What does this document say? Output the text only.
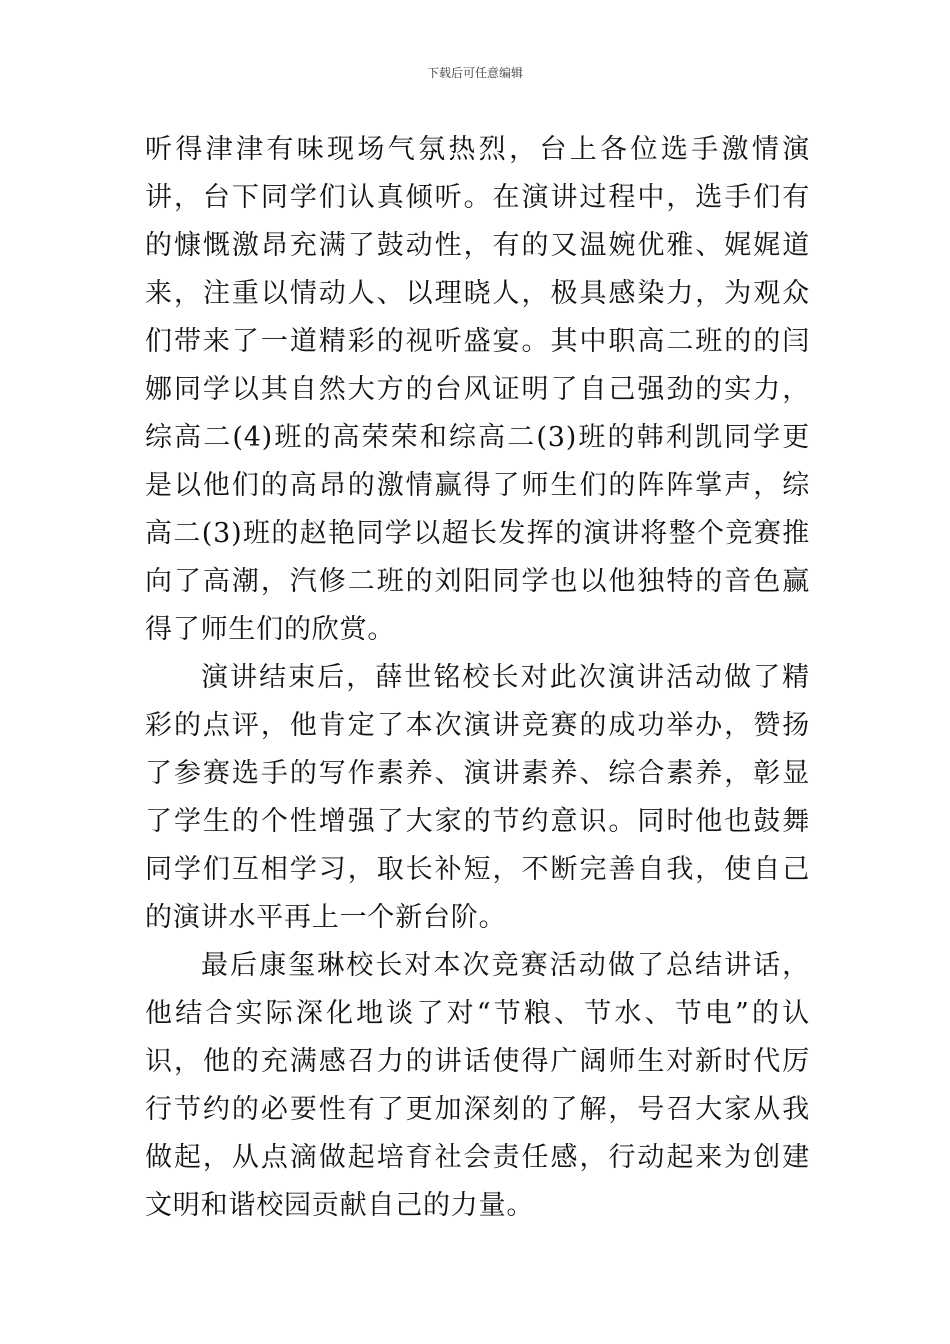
下载后可任意编辑

听得津津有味现场气氛热烈，台上各位选手激情演讲，台下同学们认真倾听。在演讲过程中，选手们有的慷慨激昂充满了鼓动性，有的又温婉优雅、娓娓道来，注重以情动人、以理晓人，极具感染力，为观众们带来了一道精彩的视听盛宴。其中职高二班的的闫娜同学以其自然大方的台风证明了自己强劲的实力，综高二(4)班的高荣荣和综高二(3)班的韩利凯同学更是以他们的高昂的激情赢得了师生们的阵阵掌声，综高二(3)班的赵艳同学以超长发挥的演讲将整个竞赛推向了高潮，汽修二班的刘阳同学也以他独特的音色赢得了师生们的欣赏。

演讲结束后，薛世铭校长对此次演讲活动做了精彩的点评，他肯定了本次演讲竞赛的成功举办，赞扬了参赛选手的写作素养、演讲素养、综合素养，彰显了学生的个性增强了大家的节约意识。同时他也鼓舞同学们互相学习，取长补短，不断完善自我，使自己的演讲水平再上一个新台阶。

最后康玺琳校长对本次竞赛活动做了总结讲话，他结合实际深化地谈了对“节粮、节水、节电”的认识，他的充满感召力的讲话使得广阔师生对新时代厉行节约的必要性有了更加深刻的了解，号召大家从我做起，从点滴做起培育社会责任感，行动起来为创建文明和谐校园贡献自己的力量。
